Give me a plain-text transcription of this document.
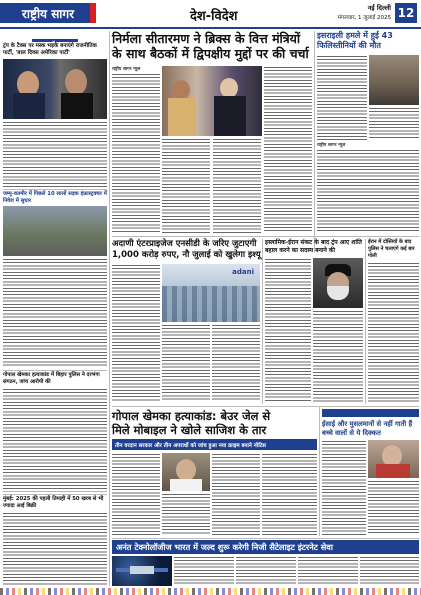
राष्ट्रीय सागर	देश-विदेश
नई दिल्ली
मंगलवार, 1 जुलाई 2025 12
ट्रंप के टैक्स पर मस्क भड़के बनाएंगे राजनीतिक पार्टी, 'बाल दिवस अमेरिका पार्टी'
जम्मू-कश्मीर में पिछले 10 सालों सड़क इंफ्रास्ट्रक्चर में निवेश में सुधार
गोपाल खेमका हत्याकांड में बिहार पुलिस ने दरभंगा संगठन, जांच आरोपी की
मुंबई: 2025 की पहली तिमाही में 50 खरब से भी ज्यादा आई बिक्री
निर्मला सीतारमण ने ब्रिक्स के वित्त मंत्रियों
के साथ बैठकों में द्विपक्षीय मुद्दों पर की चर्चा
राष्ट्रीय सागर न्यूज
इसराइली हमले में हुई 43 फिलिस्तीनियों की मौत
राष्ट्रीय सागर न्यूज
अदाणी एंटरप्राइजेज एनसीडी के जरिए जुटाएगी
1,000 करोड़ रुपए, नौ जुलाई को खुलेगा इश्यू
adani
इस्लामिक-ईरान संकट के बाद ट्रंप आए शांति बहाल करने का सदस्य बनाने की
ईरान में दोस्तियों के बाद पुलिस ने चलाएगे कई बार गोली
गोपाल खेमका हत्याकांड: बेउर जेल से
मिले मोबाइल ने खोले साजिश के तार
तीन वरदान सरकार और तीन अपराधों को जांच हुआ नया क्राइम बनाने नोटिस
ईसाई और मुसलमानों से नहीं गाती हैं बच्चे वालों से ये दिक्कत
अनंत टेक्नोलॉजीज भारत में जल्द शुरू करेगी निजी सैटेलाइट इंटरनेट सेवा
